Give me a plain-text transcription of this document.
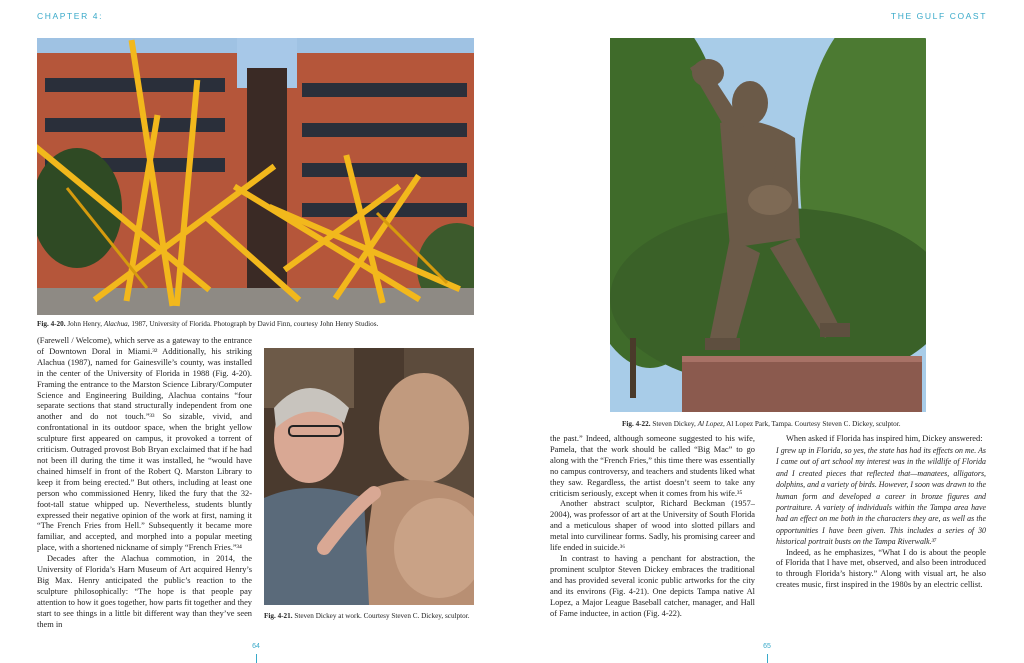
CHAPTER 4:	THE GULF COAST
Fig. 4-20. John Henry, Alachua, 1987, University of Florida. Photograph by David Finn, courtesy John Henry Studios.

(Farewell / Welcome), which serve as a gateway to the entrance of Downtown Doral in Miami.³² Additionally, his striking Alachua (1987), named for Gainesville’s county, was installed in the center of the University of Florida in 1988 (Fig. 4-20). Framing the entrance to the Marston Science Library/Computer Science and Engineering Building, Alachua contains “four separate sections that stand structurally independent from one another and do not touch.”³³ So sizable, vivid, and confrontational in its outdoor space, when the bright yellow sculpture first appeared on campus, it provoked a torrent of criticism. Outraged provost Bob Bryan exclaimed that if he had not been ill during the time it was installed, he “would have chained himself in front of the Robert Q. Marston Library to keep it from being erected.” But others, including at least one person who commissioned Henry, liked the fury that the 32-foot-tall statue whipped up. Nevertheless, students bluntly expressed their negative opinion of the work at first, naming it “The French Fries from Hell.” Subsequently it became more familiar, and accepted, and morphed into a popular meeting place, with a shortened nickname of simply “French Fries.”³⁴

Decades after the Alachua commotion, in 2014, the University of Florida’s Harn Museum of Art acquired Henry’s Big Max. Henry anticipated the public’s reaction to the sculpture philosophically: “The hope is that people pay attention to how it goes together, how parts fit together and they start to see things in a little bit different way than they’ve seen them in

Fig. 4-21. Steven Dickey at work. Courtesy Steven C. Dickey, sculptor.
Fig. 4-22. Steven Dickey, Al Lopez, Al Lopez Park, Tampa. Courtesy Steven C. Dickey, sculptor.

the past.” Indeed, although someone suggested to his wife, Pamela, that the work should be called “Big Mac” to go along with the “French Fries,” this time there was essentially no campus controversy, and teachers and students liked what they saw. Regardless, the artist doesn’t seem to take any criticism seriously, except when it comes from his wife.³⁵

Another abstract sculptor, Richard Beckman (1957–2004), was professor of art at the University of South Florida and a meticulous shaper of wood into slotted pillars and metal into curvilinear forms. Sadly, his promising career and life ended in suicide.³⁶

In contrast to having a penchant for abstraction, the prominent sculptor Steven Dickey embraces the traditional and has provided several iconic public artworks for the city and its environs (Fig. 4-21). One depicts Tampa native Al Lopez, a Major League Baseball catcher, manager, and Hall of Fame inductee, in action (Fig. 4-22).

When asked if Florida has inspired him, Dickey answered:

I grew up in Florida, so yes, the state has had its effects on me. As I came out of art school my interest was in the wildlife of Florida and I created pieces that reflected that—manatees, alligators, dolphins, and a variety of birds. However, I soon was drawn to the human form and developed a career in bronze figures and portraiture. A variety of individuals within the Tampa area have had an effect on me both in the characters they are, as well as the opportunities I have been given. This includes a series of 30 historical portrait busts on the Tampa Riverwalk.³⁷

Indeed, as he emphasizes, “What I do is about the people of Florida that I have met, observed, and also been introduced to through Florida’s history.” Along with visual art, he also creates music, first inspired in the 1980s by an electric cellist.

64	65
